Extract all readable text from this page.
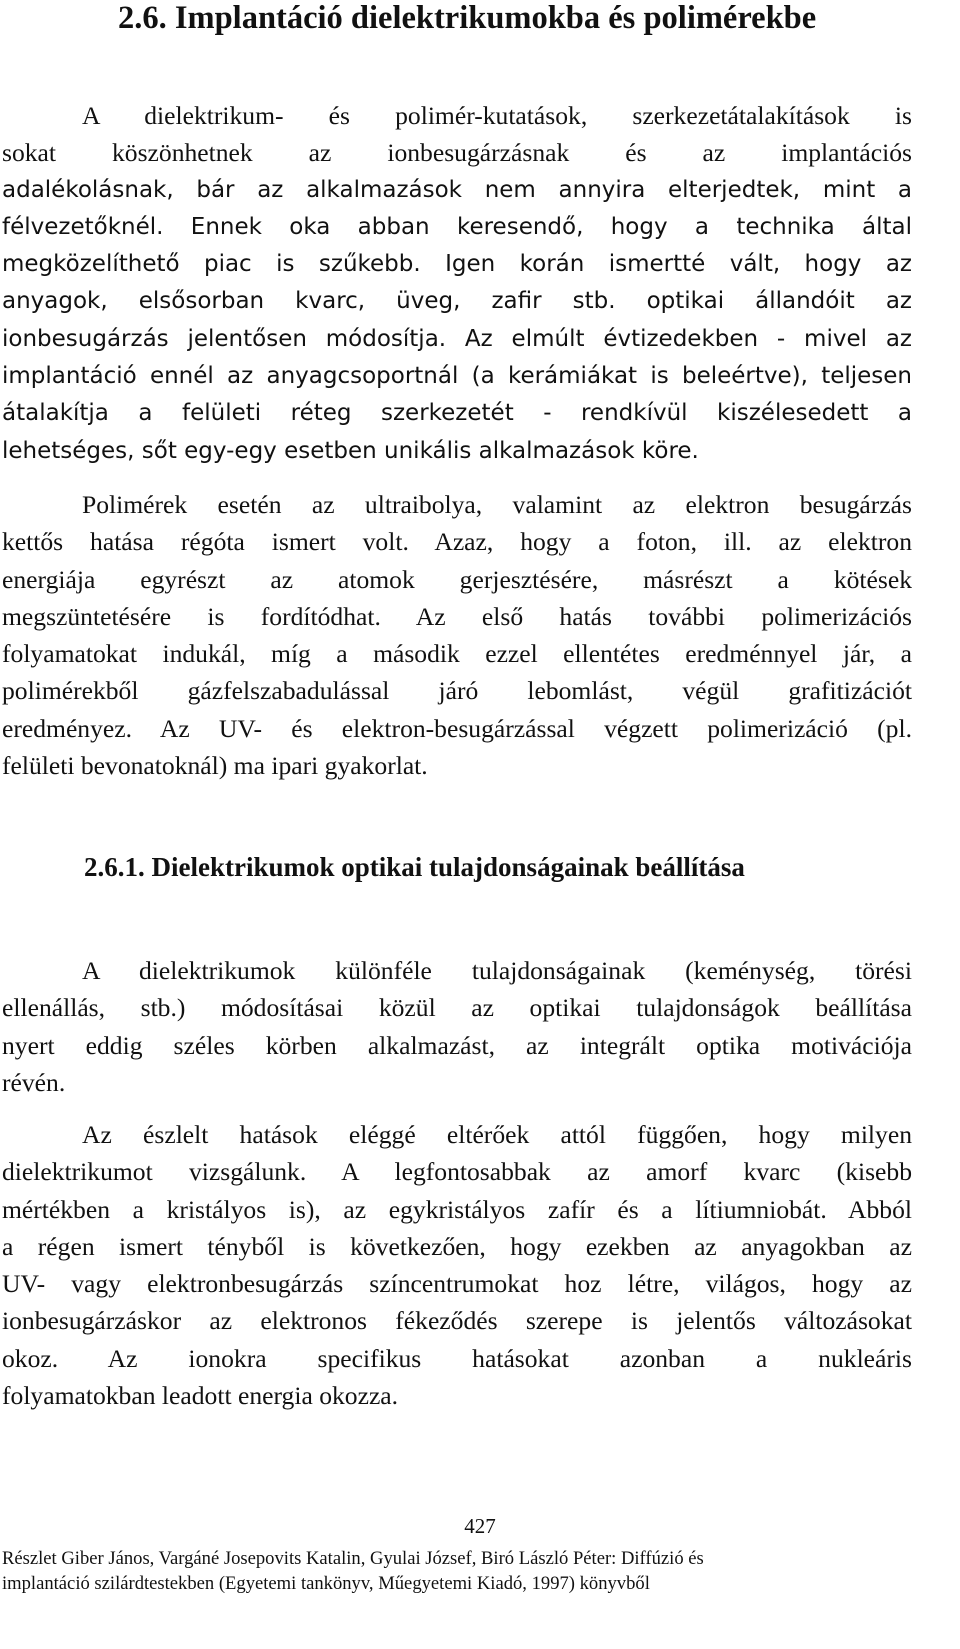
2.6. Implantáció dielektrikumokba és polimérekbe
A dielektrikum- és polimér-kutatások, szerkezetátalakítások is
sokat köszönhetnek az ionbesugárzásnak és az implantációs
adalékolásnak, bár az alkalmazások nem annyira elterjedtek, mint a
félvezetőknél. Ennek oka abban keresendő, hogy a technika által
megközelíthető piac is szűkebb. Igen korán ismertté vált, hogy az
anyagok, elsősorban kvarc, üveg, zafir stb. optikai állandóit az
ionbesugárzás jelentősen módosítja. Az elmúlt évtizedekben - mivel az
implantáció ennél az anyagcsoportnál (a kerámiákat is beleértve), teljesen
átalakítja a felületi réteg szerkezetét - rendkívül kiszélesedett a
lehetséges, sőt egy-egy esetben unikális alkalmazások köre.
Polimérek esetén az ultraibolya, valamint az elektron besugárzás
kettős hatása régóta ismert volt. Azaz, hogy a foton, ill. az elektron
energiája egyrészt az atomok gerjesztésére, másrészt a kötések
megszüntetésére is fordítódhat. Az első hatás további polimerizációs
folyamatokat indukál, míg a második ezzel ellentétes eredménnyel jár, a
polimérekből gázfelszabadulással járó lebomlást, végül grafitizációt
eredményez. Az UV- és elektron-besugárzással végzett polimerizáció (pl.
felületi bevonatoknál) ma ipari gyakorlat.
2.6.1. Dielektrikumok optikai tulajdonságainak beállítása
A dielektrikumok különféle tulajdonságainak (keménység, törési
ellenállás, stb.) módosításai közül az optikai tulajdonságok beállítása
nyert eddig széles körben alkalmazást, az integrált optika motivációja
révén.
Az észlelt hatások eléggé eltérőek attól függően, hogy milyen
dielektrikumot vizsgálunk. A legfontosabbak az amorf kvarc (kisebb
mértékben a kristályos is), az egykristályos zafír és a lítiumniobát. Abból
a régen ismert tényből is következően, hogy ezekben az anyagokban az
UV- vagy elektronbesugárzás színcentrumokat hoz létre, világos, hogy az
ionbesugárzáskor az elektronos fékeződés szerepe is jelentős változásokat
okoz. Az ionokra specifikus hatásokat azonban a nukleáris
folyamatokban leadott energia okozza.
427
Részlet Giber János, Vargáné Josepovits Katalin, Gyulai József, Biró László Péter: Diffúzió és
implantáció szilárdtestekben (Egyetemi tankönyv, Műegyetemi Kiadó, 1997) könyvből
